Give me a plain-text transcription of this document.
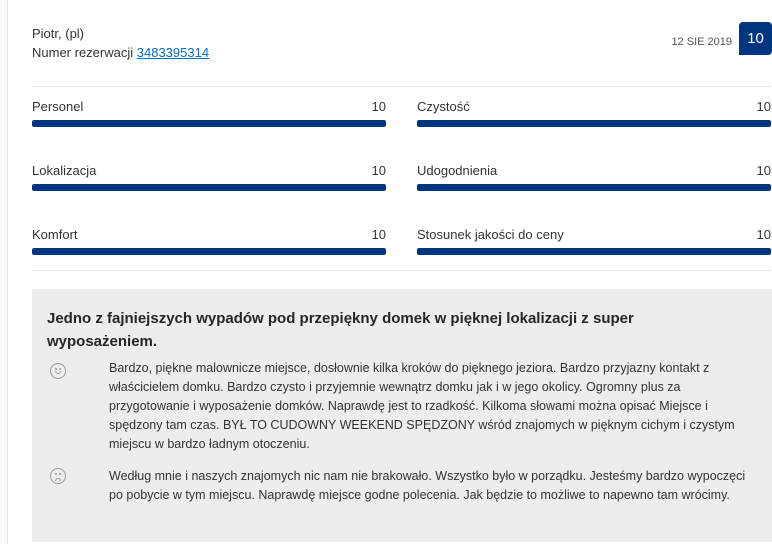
Piotr, (pl)
Numer rezerwacji 3483395314
12 SIE 2019	10
Personel	10 Czystość	10
Lokalizacja	10 Udogodnienia	10
Komfort	10 Stosunek jakości do ceny	10
Jedno z fajniejszych wypadów pod przepiękny domek w pięknej lokalizacji z super wyposażeniem.
Bardzo, piękne malownicze miejsce, dosłownie kilka kroków do pięknego jeziora. Bardzo przyjazny kontakt z właścicielem domku. Bardzo czysto i przyjemnie wewnątrz domku jak i w jego okolicy. Ogromny plus za przygotowanie i wyposażenie domków. Naprawdę jest to rzadkość. Kilkoma słowami można opisać Miejsce i spędzony tam czas. BYŁ TO CUDOWNY WEEKEND SPĘDZONY wśród znajomych w pięknym cichym i czystym miejscu w bardzo ładnym otoczeniu.
Według mnie i naszych znajomych nic nam nie brakowało. Wszystko było w porządku. Jesteśmy bardzo wypoczęci po pobycie w tym miejscu. Naprawdę miejsce godne polecenia. Jak będzie to możliwe to napewno tam wrócimy.
